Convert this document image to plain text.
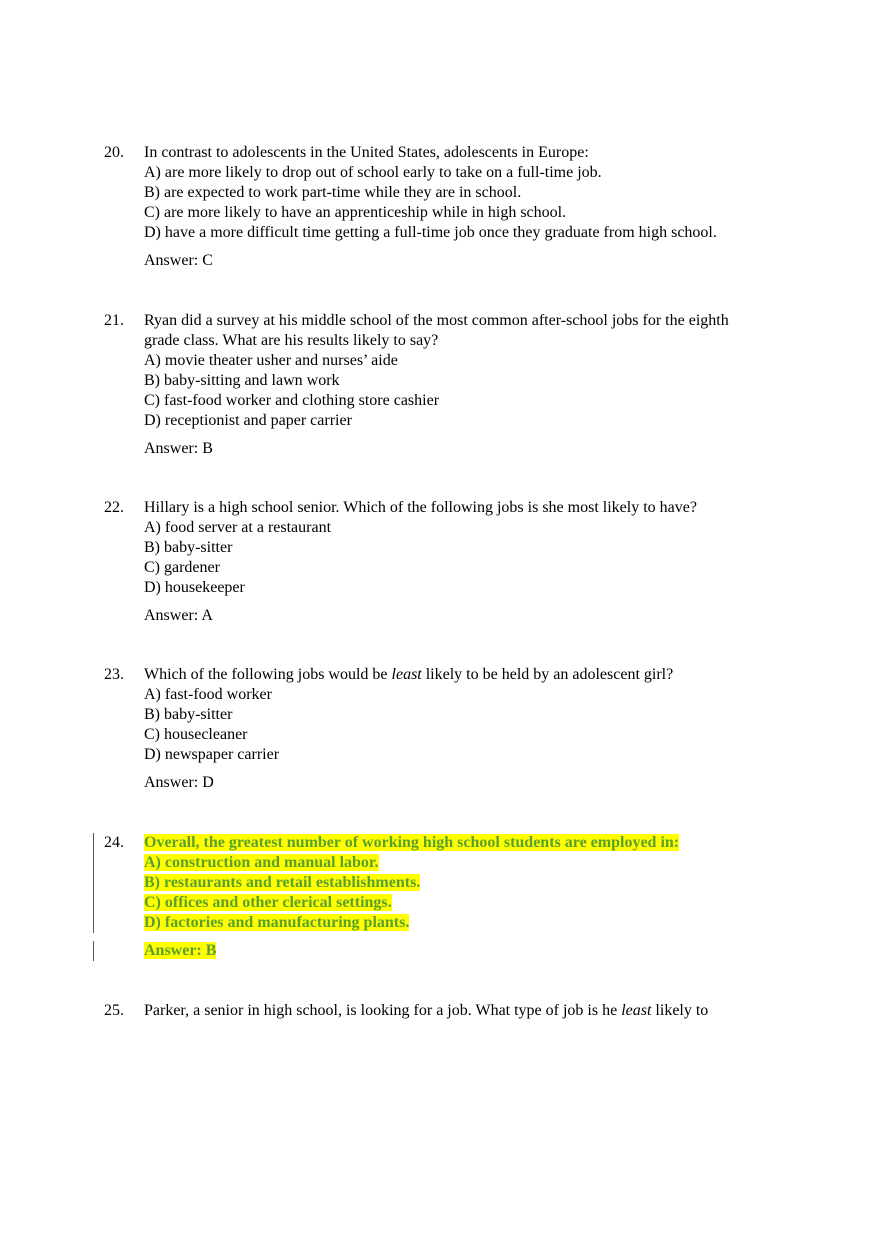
20. In contrast to adolescents in the United States, adolescents in Europe:

A) are more likely to drop out of school early to take on a full-time job.
B) are expected to work part-time while they are in school.
C) are more likely to have an apprenticeship while in high school.
D) have a more difficult time getting a full-time job once they graduate from high school.
Answer: C
21. Ryan did a survey at his middle school of the most common after-school jobs for the eighth
grade class. What are his results likely to say?

A) movie theater usher and nurses’ aide
B) baby-sitting and lawn work
C) fast-food worker and clothing store cashier
D) receptionist and paper carrier
Answer: B
22. Hillary is a high school senior. Which of the following jobs is she most likely to have?

A) food server at a restaurant
B) baby-sitter
C) gardener
D) housekeeper
Answer: A
23. Which of the following jobs would be least likely to be held by an adolescent girl?

A) fast-food worker
B) baby-sitter
C) housecleaner
D) newspaper carrier
Answer: D
24. Overall, the greatest number of working high school students are employed in:

A) construction and manual labor.
B) restaurants and retail establishments.
C) offices and other clerical settings.
D) factories and manufacturing plants.
Answer: B
25. Parker, a senior in high school, is looking for a job. What type of job is he least likely to
